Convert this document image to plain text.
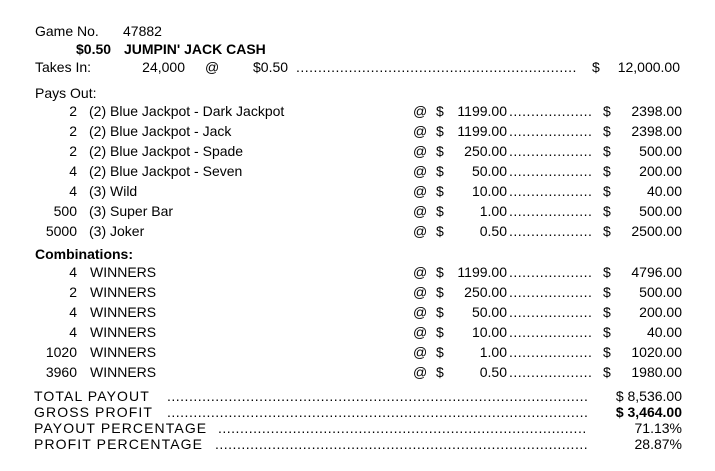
Game No. 47882
$0.50 JUMPIN' JACK CASH
Takes In:	24,000 @ $0.50 .....	$	12,000.00
Pays Out:
2 (2) Blue Jackpot - Dark Jackpot	@ $ 1199.00 .....	$	2398.00
2 (2) Blue Jackpot - Jack	@ $ 1199.00 .....	$	2398.00
2 (2) Blue Jackpot - Spade	@ $	250.00 .....	$	500.00
4 (2) Blue Jackpot - Seven	@ $	50.00 .....	$	200.00
4 (3) Wild	@ $	10.00 .....	$	40.00
500 (3) Super Bar	@ $	1.00 .....	$	500.00
5000 (3) Joker	@ $	0.50 .....	$	2500.00
Combinations:
4 WINNERS	@ $ 1199.00 .....	$	4796.00
2 WINNERS	@ $	250.00 .....	$	500.00
4 WINNERS	@ $	50.00 .....	$	200.00
4 WINNERS	@ $	10.00 .....	$	40.00
1020 WINNERS	@ $	1.00 .....	$	1020.00
3960 WINNERS	@ $	0.50 .....	$	1980.00
TOTAL PAYOUT .....	$ 8,536.00
GROSS PROFIT .....	$ 3,464.00
PAYOUT PERCENTAGE .....	71.13%
PROFIT PERCENTAGE .....	28.87%
